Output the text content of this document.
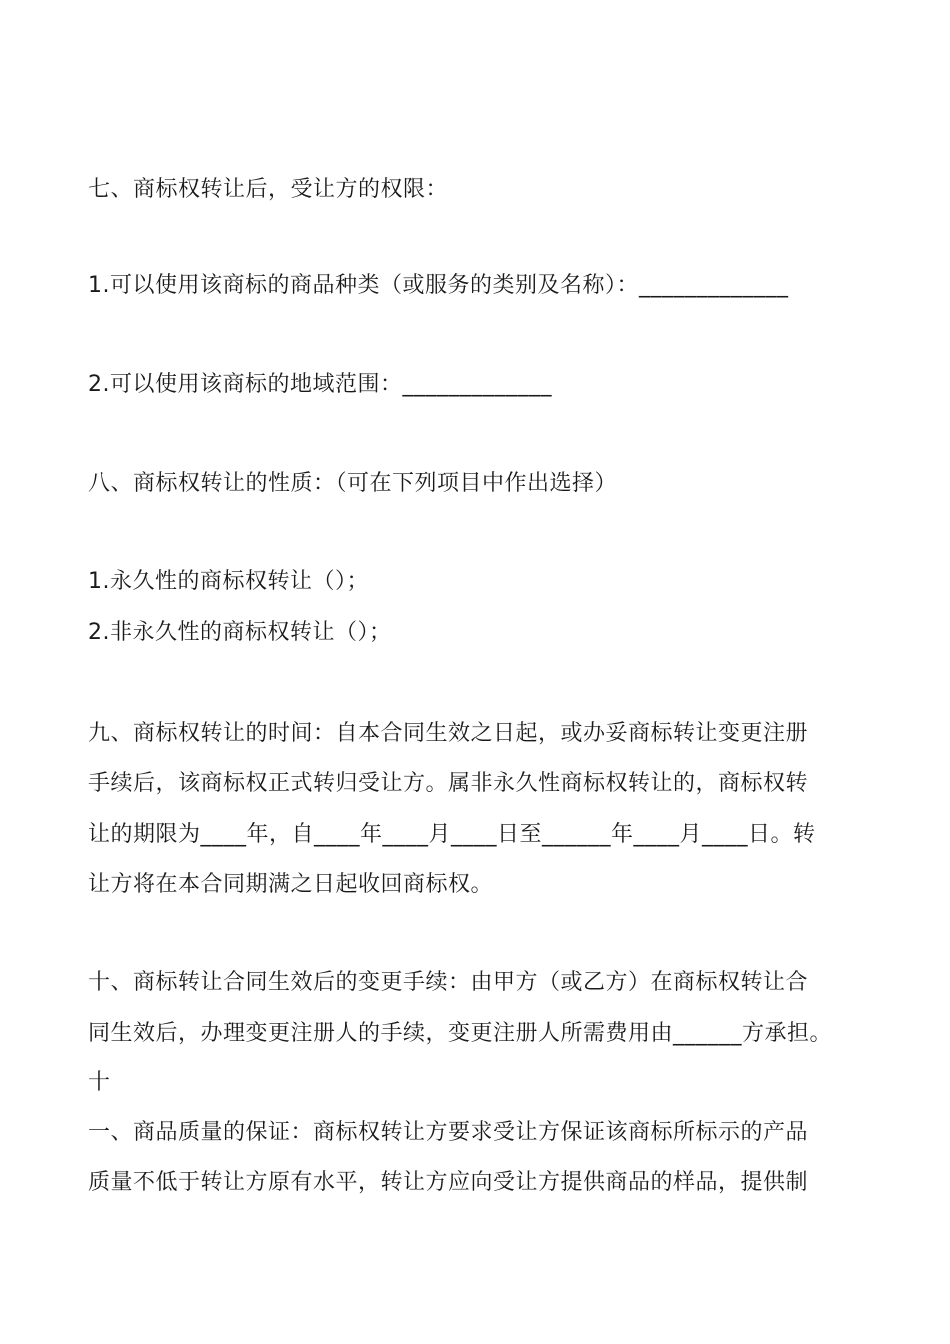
七、商标权转让后，受让方的权限：
1.可以使用该商标的商品种类（或服务的类别及名称）：_____________
2.可以使用该商标的地域范围：_____________
八、商标权转让的性质：（可在下列项目中作出选择）
1.永久性的商标权转让（）；
2.非永久性的商标权转让（）；
九、商标权转让的时间：自本合同生效之日起，或办妥商标转让变更注册
手续后，该商标权正式转归受让方。属非永久性商标权转让的，商标权转
让的期限为____年，自____年____月____日至______年____月____日。转
让方将在本合同期满之日起收回商标权。
十、商标转让合同生效后的变更手续：由甲方（或乙方）在商标权转让合
同生效后，办理变更注册人的手续，变更注册人所需费用由______方承担。
十
一、商品质量的保证：商标权转让方要求受让方保证该商标所标示的产品
质量不低于转让方原有水平，转让方应向受让方提供商品的样品，提供制
